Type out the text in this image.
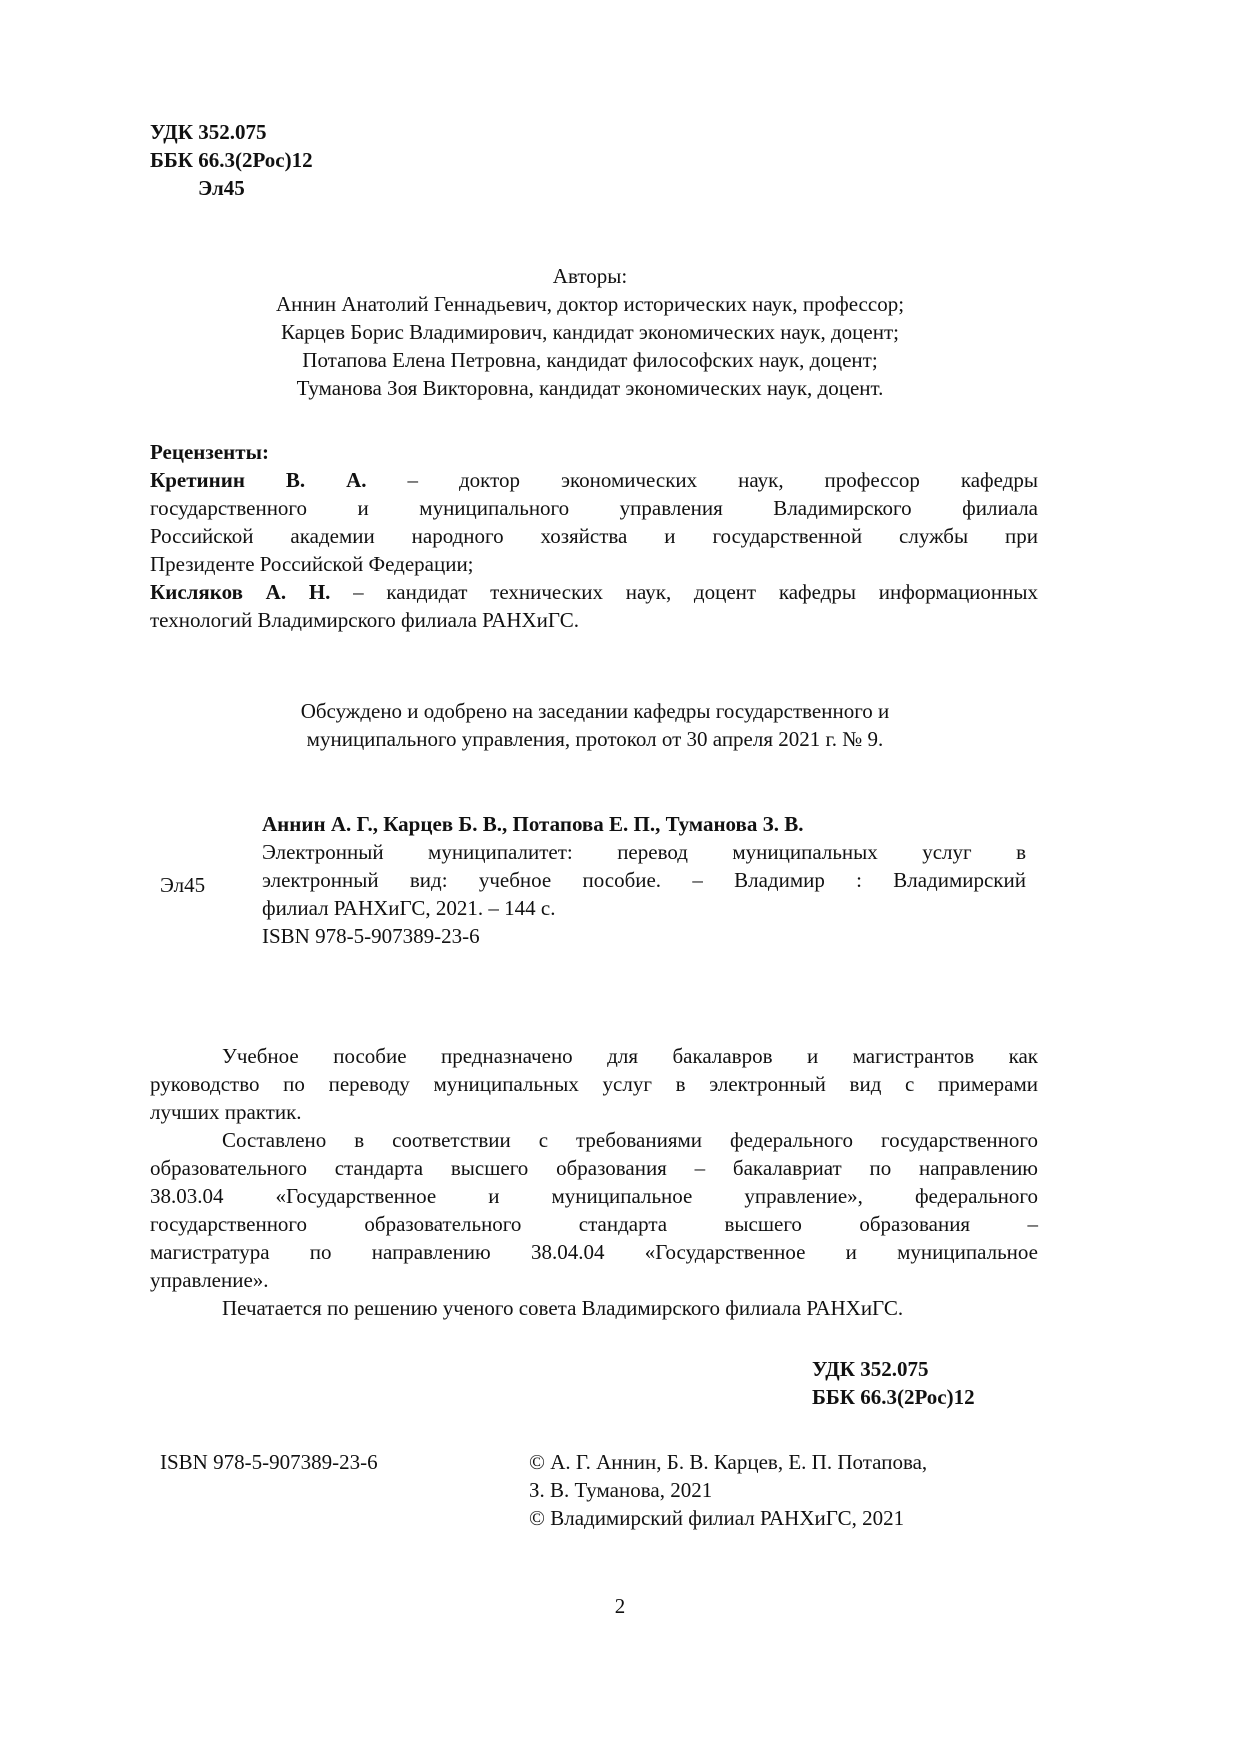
УДК 352.075
ББК 66.3(2Рос)12
Эл45
Авторы:
Аннин Анатолий Геннадьевич, доктор исторических наук, профессор;
Карцев Борис Владимирович, кандидат экономических наук, доцент;
Потапова Елена Петровна, кандидат философских наук, доцент;
Туманова Зоя Викторовна, кандидат экономических наук, доцент.
Рецензенты:
Кретинин В. А. – доктор экономических наук, профессор кафедры
государственного и муниципального управления Владимирского филиала
Российской академии народного хозяйства и государственной службы при
Президенте Российской Федерации;
Кисляков А. Н. – кандидат технических наук, доцент кафедры информационных
технологий Владимирского филиала РАНХиГС.
Обсуждено и одобрено на заседании кафедры государственного и
муниципального управления, протокол от 30 апреля 2021 г. № 9.
Эл45
Аннин А. Г., Карцев Б. В., Потапова Е. П., Туманова З. В.
Электронный муниципалитет: перевод муниципальных услуг в
электронный вид: учебное пособие. – Владимир : Владимирский
филиал РАНХиГС, 2021. – 144 с.
ISBN 978-5-907389-23-6
Учебное пособие предназначено для бакалавров и магистрантов как
руководство по переводу муниципальных услуг в электронный вид с примерами
лучших практик.
Составлено в соответствии с требованиями федерального государственного
образовательного стандарта высшего образования – бакалавриат по направлению
38.03.04 «Государственное и муниципальное управление», федерального
государственного образовательного стандарта высшего образования –
магистратура по направлению 38.04.04 «Государственное и муниципальное
управление».
Печатается по решению ученого совета Владимирского филиала РАНХиГС.
УДК 352.075
ББК 66.3(2Рос)12
ISBN 978-5-907389-23-6	© А. Г. Аннин, Б. В. Карцев, Е. П. Потапова,
З. В. Туманова, 2021
© Владимирский филиал РАНХиГС, 2021
2
